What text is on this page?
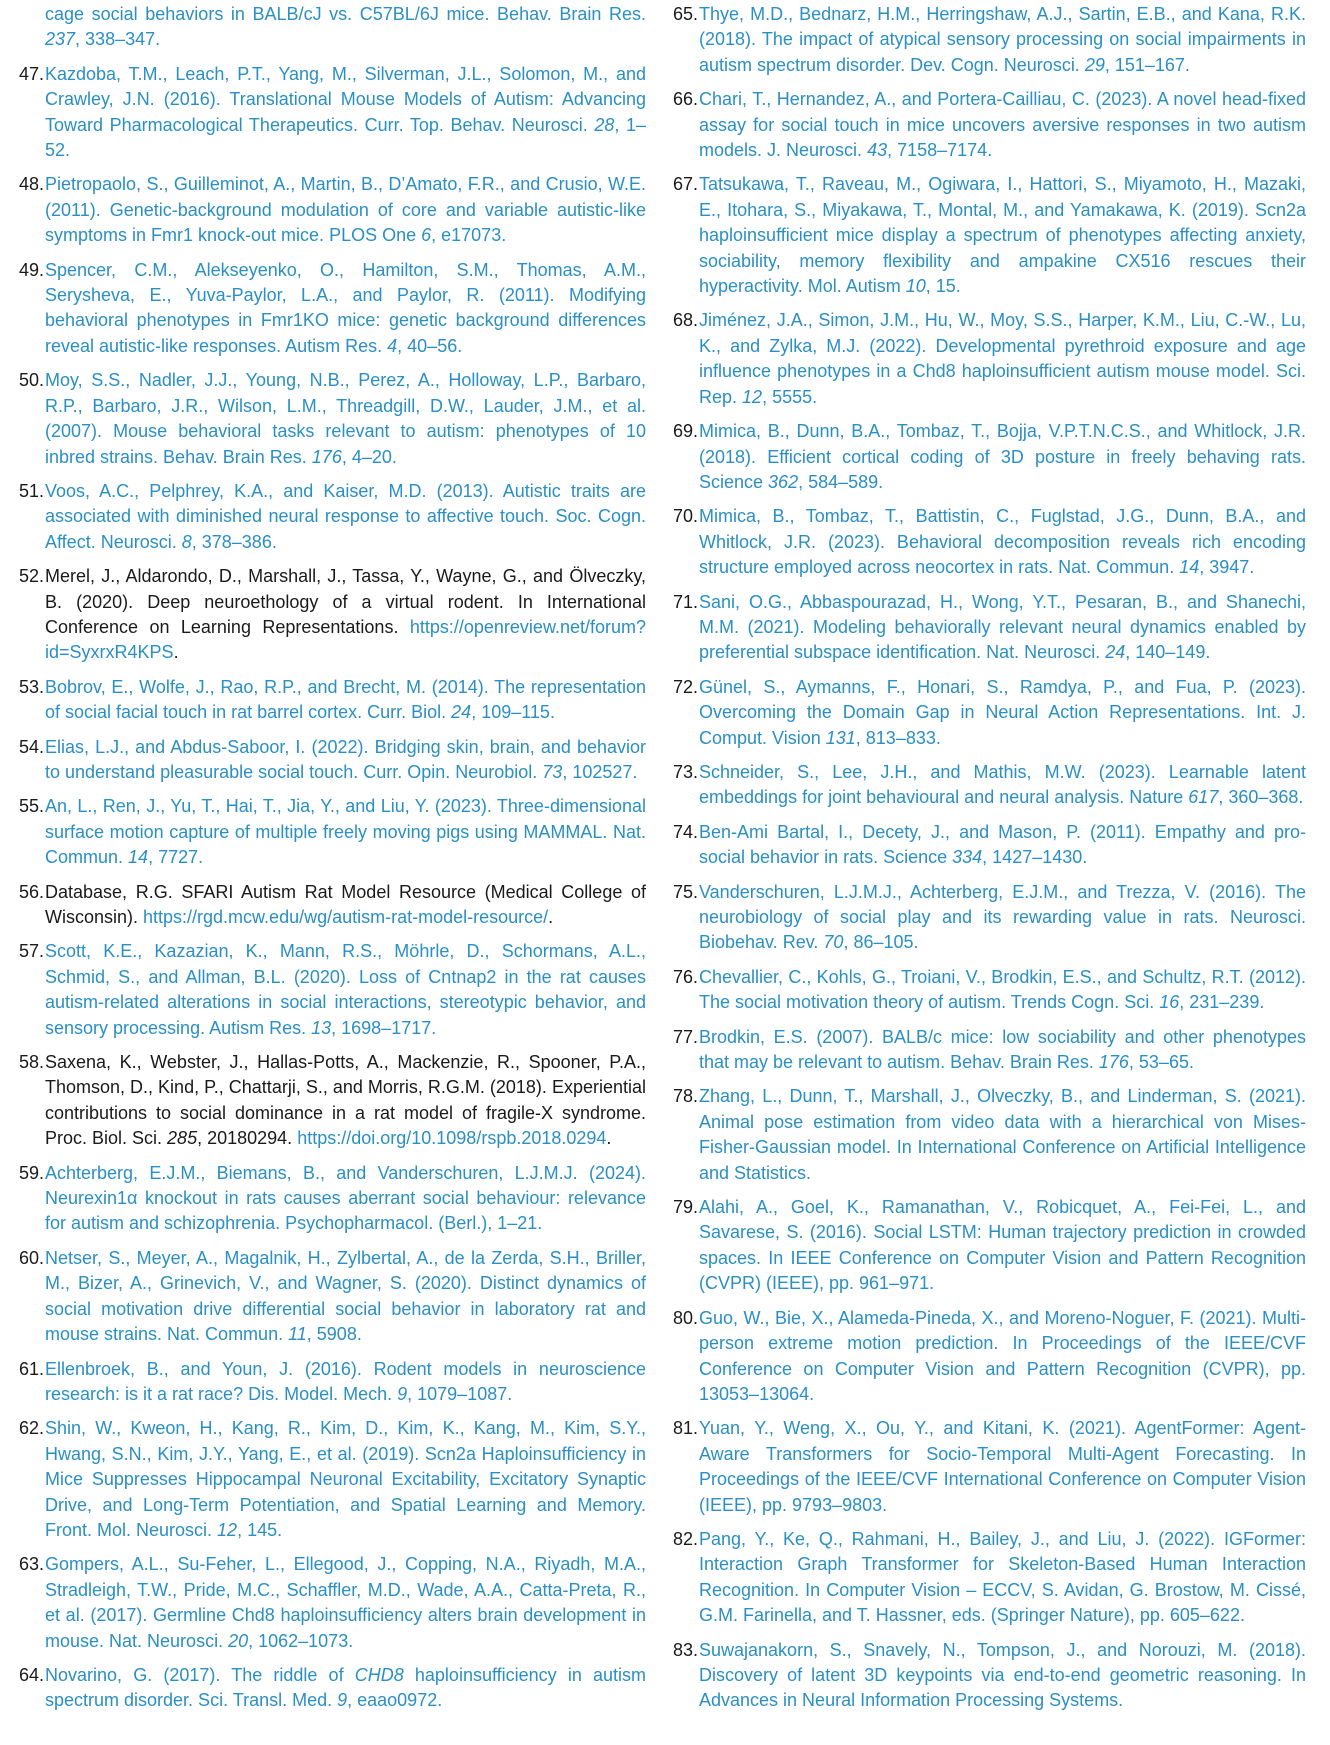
cage social behaviors in BALB/cJ vs. C57BL/6J mice. Behav. Brain Res. 237, 338–347.
47. Kazdoba, T.M., Leach, P.T., Yang, M., Silverman, J.L., Solomon, M., and Crawley, J.N. (2016). Translational Mouse Models of Autism: Advancing Toward Pharmacological Therapeutics. Curr. Top. Behav. Neurosci. 28, 1–52.
48. Pietropaolo, S., Guilleminot, A., Martin, B., D’Amato, F.R., and Crusio, W.E. (2011). Genetic-background modulation of core and variable autistic-like symptoms in Fmr1 knock-out mice. PLOS One 6, e17073.
49. Spencer, C.M., Alekseyenko, O., Hamilton, S.M., Thomas, A.M., Serysheva, E., Yuva-Paylor, L.A., and Paylor, R. (2011). Modifying behavioral phenotypes in Fmr1KO mice: genetic background differences reveal autistic-like responses. Autism Res. 4, 40–56.
50. Moy, S.S., Nadler, J.J., Young, N.B., Perez, A., Holloway, L.P., Barbaro, R.P., Barbaro, J.R., Wilson, L.M., Threadgill, D.W., Lauder, J.M., et al. (2007). Mouse behavioral tasks relevant to autism: phenotypes of 10 inbred strains. Behav. Brain Res. 176, 4–20.
51. Voos, A.C., Pelphrey, K.A., and Kaiser, M.D. (2013). Autistic traits are associated with diminished neural response to affective touch. Soc. Cogn. Affect. Neurosci. 8, 378–386.
52. Merel, J., Aldarondo, D., Marshall, J., Tassa, Y., Wayne, G., and Ölveczky, B. (2020). Deep neuroethology of a virtual rodent. In International Conference on Learning Representations. https://openreview.net/forum?id=SyxrxR4KPS.
53. Bobrov, E., Wolfe, J., Rao, R.P., and Brecht, M. (2014). The representation of social facial touch in rat barrel cortex. Curr. Biol. 24, 109–115.
54. Elias, L.J., and Abdus-Saboor, I. (2022). Bridging skin, brain, and behavior to understand pleasurable social touch. Curr. Opin. Neurobiol. 73, 102527.
55. An, L., Ren, J., Yu, T., Hai, T., Jia, Y., and Liu, Y. (2023). Three-dimensional surface motion capture of multiple freely moving pigs using MAMMAL. Nat. Commun. 14, 7727.
56. Database, R.G. SFARI Autism Rat Model Resource (Medical College of Wisconsin). https://rgd.mcw.edu/wg/autism-rat-model-resource/.
57. Scott, K.E., Kazazian, K., Mann, R.S., Möhrle, D., Schormans, A.L., Schmid, S., and Allman, B.L. (2020). Loss of Cntnap2 in the rat causes autism-related alterations in social interactions, stereotypic behavior, and sensory processing. Autism Res. 13, 1698–1717.
58. Saxena, K., Webster, J., Hallas-Potts, A., Mackenzie, R., Spooner, P.A., Thomson, D., Kind, P., Chattarji, S., and Morris, R.G.M. (2018). Experiential contributions to social dominance in a rat model of fragile-X syndrome. Proc. Biol. Sci. 285, 20180294. https://doi.org/10.1098/rspb.2018.0294.
59. Achterberg, E.J.M., Biemans, B., and Vanderschuren, L.J.M.J. (2024). Neurexin1α knockout in rats causes aberrant social behaviour: relevance for autism and schizophrenia. Psychopharmacol. (Berl.), 1–21.
60. Netser, S., Meyer, A., Magalnik, H., Zylbertal, A., de la Zerda, S.H., Briller, M., Bizer, A., Grinevich, V., and Wagner, S. (2020). Distinct dynamics of social motivation drive differential social behavior in laboratory rat and mouse strains. Nat. Commun. 11, 5908.
61. Ellenbroek, B., and Youn, J. (2016). Rodent models in neuroscience research: is it a rat race? Dis. Model. Mech. 9, 1079–1087.
62. Shin, W., Kweon, H., Kang, R., Kim, D., Kim, K., Kang, M., Kim, S.Y., Hwang, S.N., Kim, J.Y., Yang, E., et al. (2019). Scn2a Haploinsufficiency in Mice Suppresses Hippocampal Neuronal Excitability, Excitatory Synaptic Drive, and Long-Term Potentiation, and Spatial Learning and Memory. Front. Mol. Neurosci. 12, 145.
63. Gompers, A.L., Su-Feher, L., Ellegood, J., Copping, N.A., Riyadh, M.A., Stradleigh, T.W., Pride, M.C., Schaffler, M.D., Wade, A.A., Catta-Preta, R., et al. (2017). Germline Chd8 haploinsufficiency alters brain development in mouse. Nat. Neurosci. 20, 1062–1073.
64. Novarino, G. (2017). The riddle of CHD8 haploinsufficiency in autism spectrum disorder. Sci. Transl. Med. 9, eaao0972.
65. Thye, M.D., Bednarz, H.M., Herringshaw, A.J., Sartin, E.B., and Kana, R.K. (2018). The impact of atypical sensory processing on social impairments in autism spectrum disorder. Dev. Cogn. Neurosci. 29, 151–167.
66. Chari, T., Hernandez, A., and Portera-Cailliau, C. (2023). A novel head-fixed assay for social touch in mice uncovers aversive responses in two autism models. J. Neurosci. 43, 7158–7174.
67. Tatsukawa, T., Raveau, M., Ogiwara, I., Hattori, S., Miyamoto, H., Mazaki, E., Itohara, S., Miyakawa, T., Montal, M., and Yamakawa, K. (2019). Scn2a haploinsufficient mice display a spectrum of phenotypes affecting anxiety, sociability, memory flexibility and ampakine CX516 rescues their hyperactivity. Mol. Autism 10, 15.
68. Jiménez, J.A., Simon, J.M., Hu, W., Moy, S.S., Harper, K.M., Liu, C.-W., Lu, K., and Zylka, M.J. (2022). Developmental pyrethroid exposure and age influence phenotypes in a Chd8 haploinsufficient autism mouse model. Sci. Rep. 12, 5555.
69. Mimica, B., Dunn, B.A., Tombaz, T., Bojja, V.P.T.N.C.S., and Whitlock, J.R. (2018). Efficient cortical coding of 3D posture in freely behaving rats. Science 362, 584–589.
70. Mimica, B., Tombaz, T., Battistin, C., Fuglstad, J.G., Dunn, B.A., and Whitlock, J.R. (2023). Behavioral decomposition reveals rich encoding structure employed across neocortex in rats. Nat. Commun. 14, 3947.
71. Sani, O.G., Abbaspourazad, H., Wong, Y.T., Pesaran, B., and Shanechi, M.M. (2021). Modeling behaviorally relevant neural dynamics enabled by preferential subspace identification. Nat. Neurosci. 24, 140–149.
72. Günel, S., Aymanns, F., Honari, S., Ramdya, P., and Fua, P. (2023). Overcoming the Domain Gap in Neural Action Representations. Int. J. Comput. Vision 131, 813–833.
73. Schneider, S., Lee, J.H., and Mathis, M.W. (2023). Learnable latent embeddings for joint behavioural and neural analysis. Nature 617, 360–368.
74. Ben-Ami Bartal, I., Decety, J., and Mason, P. (2011). Empathy and pro-social behavior in rats. Science 334, 1427–1430.
75. Vanderschuren, L.J.M.J., Achterberg, E.J.M., and Trezza, V. (2016). The neurobiology of social play and its rewarding value in rats. Neurosci. Biobehav. Rev. 70, 86–105.
76. Chevallier, C., Kohls, G., Troiani, V., Brodkin, E.S., and Schultz, R.T. (2012). The social motivation theory of autism. Trends Cogn. Sci. 16, 231–239.
77. Brodkin, E.S. (2007). BALB/c mice: low sociability and other phenotypes that may be relevant to autism. Behav. Brain Res. 176, 53–65.
78. Zhang, L., Dunn, T., Marshall, J., Olveczky, B., and Linderman, S. (2021). Animal pose estimation from video data with a hierarchical von Mises-Fisher-Gaussian model. In International Conference on Artificial Intelligence and Statistics.
79. Alahi, A., Goel, K., Ramanathan, V., Robicquet, A., Fei-Fei, L., and Savarese, S. (2016). Social LSTM: Human trajectory prediction in crowded spaces. In IEEE Conference on Computer Vision and Pattern Recognition (CVPR) (IEEE), pp. 961–971.
80. Guo, W., Bie, X., Alameda-Pineda, X., and Moreno-Noguer, F. (2021). Multi-person extreme motion prediction. In Proceedings of the IEEE/CVF Conference on Computer Vision and Pattern Recognition (CVPR), pp. 13053–13064.
81. Yuan, Y., Weng, X., Ou, Y., and Kitani, K. (2021). AgentFormer: Agent-Aware Transformers for Socio-Temporal Multi-Agent Forecasting. In Proceedings of the IEEE/CVF International Conference on Computer Vision (IEEE), pp. 9793–9803.
82. Pang, Y., Ke, Q., Rahmani, H., Bailey, J., and Liu, J. (2022). IGFormer: Interaction Graph Transformer for Skeleton-Based Human Interaction Recognition. In Computer Vision – ECCV, S. Avidan, G. Brostow, M. Cissé, G.M. Farinella, and T. Hassner, eds. (Springer Nature), pp. 605–622.
83. Suwajanakorn, S., Snavely, N., Tompson, J., and Norouzi, M. (2018). Discovery of latent 3D keypoints via end-to-end geometric reasoning. In Advances in Neural Information Processing Systems.
